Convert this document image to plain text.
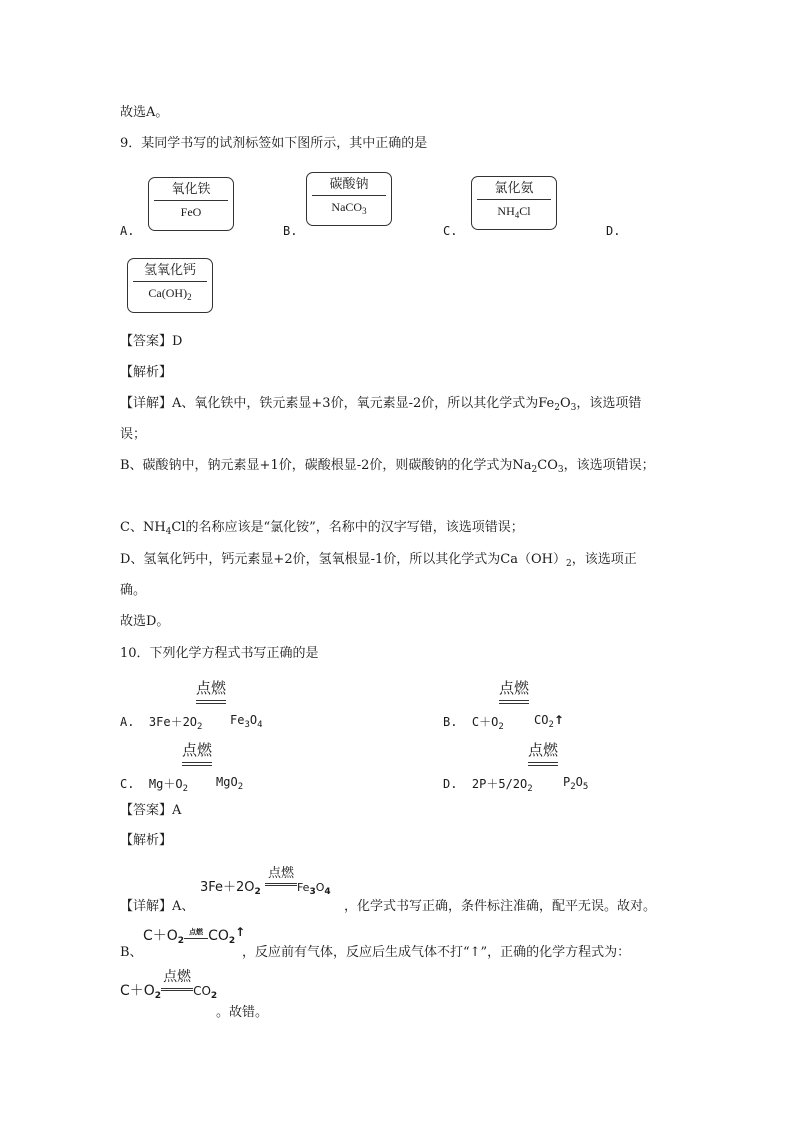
故选A。
9．某同学书写的试剂标签如下图所示，其中正确的是
A.
氧化铁
FeO
B.
碳酸钠
NaCO$_3$
C.
氯化氨
$NH_4Cl$
D.
氢氧化钙
$Ca(OH)_2$
【答案】D
【解析】
【详解】A、氧化铁中，铁元素显+3价，氧元素显-2价，所以其化学式为$Fe_2O_3$，该选项错
误；
B、碳酸钠中，钠元素显+1价，碳酸根显-2价，则碳酸钠的化学式为$Na_2CO_3$，该选项错误；
C、$NH_4Cl$的名称应该是“氯化铵”，名称中的汉字写错，该选项错误；
D、氢氧化钙中，钙元素显+2价，氢氧根显-1价，所以其化学式为$Ca(OH)_2$，该选项正
确。
故选D。
10．下列化学方程式书写正确的是
点燃
A. $3Fe+2O_2$ $Fe_3O_4$
点燃
B. $C+O_2$	$CO_2↑$
点燃
C. $Mg+O_2$ MgO$_2$
点燃
D. $2P+5/2O_2$	$P_2O_5$
【答案】A
【解析】
$3Fe+2O_2$ 点燃
$_{Fe3O4}$
【详解】A、	，化学式书写正确，条件标注准确，配平无误。故对。
B、
$C+O_2$点燃 $CO_2↑$
，反应前有气体，反应后生成气体不打“↑”，正确的化学方程式为：
$C+O_2$点燃
$CO_2$
。故错。
